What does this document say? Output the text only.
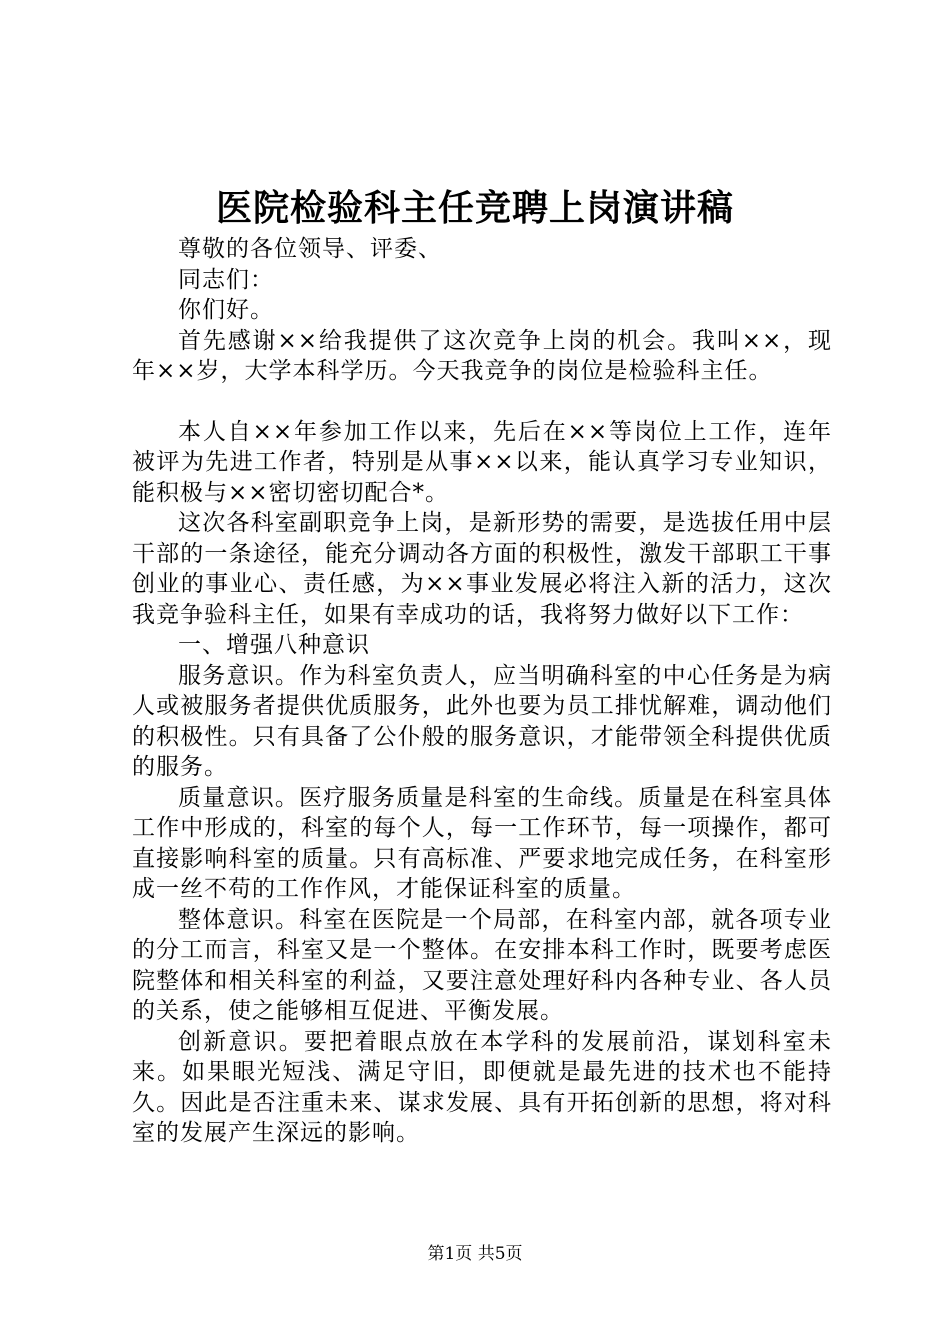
医院检验科主任竞聘上岗演讲稿

尊敬的各位领导、评委、

同志们：

你们好。

首先感谢××给我提供了这次竞争上岗的机会。我叫××，现年××岁，大学本科学历。今天我竞争的岗位是检验科主任。

本人自××年参加工作以来，先后在××等岗位上工作，连年被评为先进工作者，特别是从事××以来，能认真学习专业知识，能积极与××密切密切配合*。

这次各科室副职竞争上岗，是新形势的需要，是选拔任用中层干部的一条途径，能充分调动各方面的积极性，激发干部职工干事创业的事业心、责任感，为××事业发展必将注入新的活力，这次我竞争验科主任，如果有幸成功的话，我将努力做好以下工作：

一、增强八种意识

服务意识。作为科室负责人，应当明确科室的中心任务是为病人或被服务者提供优质服务，此外也要为员工排忧解难，调动他们的积极性。只有具备了公仆般的服务意识，才能带领全科提供优质的服务。

质量意识。医疗服务质量是科室的生命线。质量是在科室具体工作中形成的，科室的每个人，每一工作环节，每一项操作，都可直接影响科室的质量。只有高标准、严要求地完成任务，在科室形成一丝不苟的工作作风，才能保证科室的质量。

整体意识。科室在医院是一个局部，在科室内部，就各项专业的分工而言，科室又是一个整体。在安排本科工作时，既要考虑医院整体和相关科室的利益，又要注意处理好科内各种专业、各人员的关系，使之能够相互促进、平衡发展。

创新意识。要把着眼点放在本学科的发展前沿，谋划科室未来。如果眼光短浅、满足守旧，即便就是最先进的技术也不能持久。因此是否注重未来、谋求发展、具有开拓创新的思想，将对科室的发展产生深远的影响。

第1页 共5页
